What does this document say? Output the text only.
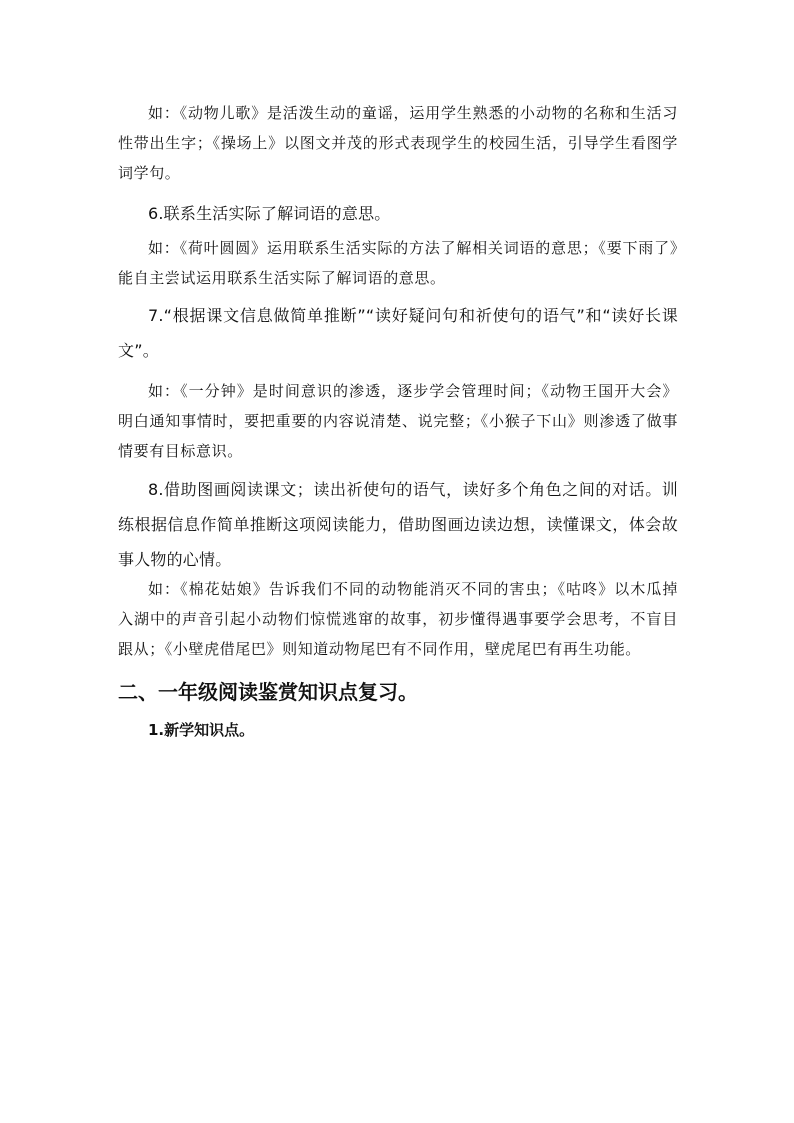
如：《动物儿歌》是活泼生动的童谣，运用学生熟悉的小动物的名称和生活习性带出生字；《操场上》以图文并茂的形式表现学生的校园生活，引导学生看图学词学句。

6.联系生活实际了解词语的意思。

如：《荷叶圆圆》运用联系生活实际的方法了解相关词语的意思；《要下雨了》能自主尝试运用联系生活实际了解词语的意思。

7.“根据课文信息做简单推断”“读好疑问句和祈使句的语气”和“读好长课文”。

如：《一分钟》是时间意识的渗透，逐步学会管理时间；《动物王国开大会》明白通知事情时，要把重要的内容说清楚、说完整；《小猴子下山》则渗透了做事情要有目标意识。

8.借助图画阅读课文；读出祈使句的语气，读好多个角色之间的对话。训练根据信息作简单推断这项阅读能力，借助图画边读边想，读懂课文，体会故事人物的心情。

如：《棉花姑娘》告诉我们不同的动物能消灭不同的害虫；《咕咚》以木瓜掉入湖中的声音引起小动物们惊慌逃窜的故事，初步懂得遇事要学会思考，不盲目跟从；《小壁虎借尾巴》则知道动物尾巴有不同作用，壁虎尾巴有再生功能。

二、一年级阅读鉴赏知识点复习。
1.新学知识点。
